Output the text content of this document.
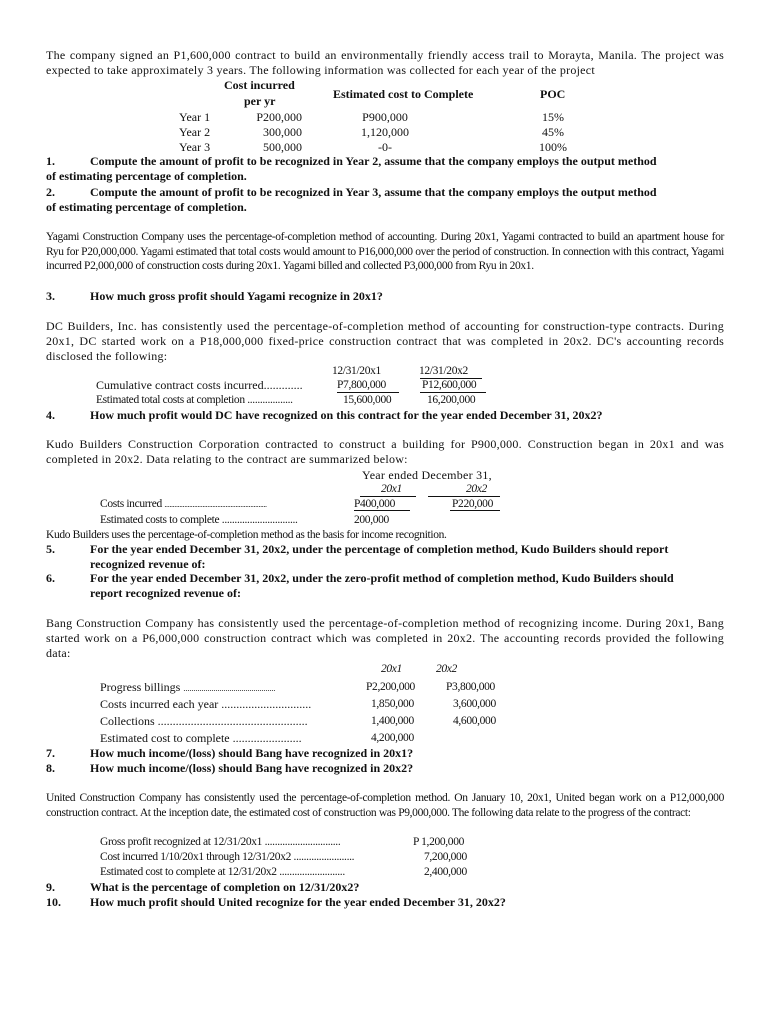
The company signed an P1,600,000 contract to build an environmentally friendly access trail to Morayta, Manila. The project was expected to take approximately 3 years. The following information was collected for each year of the project
Cost incurred
per yr	Estimated cost to Complete	POC
Year 1	P200,000	P900,000	15%
Year 2	300,000	1,120,000	45%
Year 3	500,000	-0-	100%
1.	Compute the amount of profit to be recognized in Year 2, assume that the company employs the output method
of estimating percentage of completion.
2.	Compute the amount of profit to be recognized in Year 3, assume that the company employs the output method
of estimating percentage of completion.
Yagami Construction Company uses the percentage-of-completion method of accounting. During 20x1, Yagami contracted to build an apartment house for Ryu for P20,000,000. Yagami estimated that total costs would amount to P16,000,000 over the period of construction. In connection with this contract, Yagami incurred P2,000,000 of construction costs during 20x1. Yagami billed and collected P3,000,000 from Ryu in 20x1.
3.	How much gross profit should Yagami recognize in 20x1?
DC Builders, Inc. has consistently used the percentage-of-completion method of accounting for construction-type contracts. During 20x1, DC started work on a P18,000,000 fixed-price construction contract that was completed in 20x2. DC's accounting records disclosed the following:
12/31/20x1	12/31/20x2
Cumulative contract costs incurred.............	P7,800,000	P12,600,000
Estimated total costs at completion ..................	15,600,000	16,200,000
4.	How much profit would DC have recognized on this contract for the year ended December 31, 20x2?
Kudo Builders Construction Corporation contracted to construct a building for P900,000. Construction began in 20x1 and was completed in 20x2. Data relating to the contract are summarized below:
Year ended December 31,
20x1	20x2
Costs incurred ..............................................................	P400,000	P220,000
Estimated costs to complete ..............................	200,000
Kudo Builders uses the percentage-of-completion method as the basis for income recognition.
5.	For the year ended December 31, 20x2, under the percentage of completion method, Kudo Builders should report
recognized revenue of:
6.	For the year ended December 31, 20x2, under the zero-profit method of completion method, Kudo Builders should
report recognized revenue of:
Bang Construction Company has consistently used the percentage-of-completion method of recognizing income. During 20x1, Bang started work on a P6,000,000 construction contract which was completed in 20x2. The accounting records provided the following data:
20x1	20x2
Progress billings ..............................................	P2,200,000	P3,800,000
Costs incurred each year ..............................	1,850,000	3,600,000
Collections ..................................................	1,400,000	4,600,000
Estimated cost to complete .......................	4,200,000
7.	How much income/(loss) should Bang have recognized in 20x1?
8.	How much income/(loss) should Bang have recognized in 20x2?
United Construction Company has consistently used the percentage-of-completion method. On January 10, 20x1, United began work on a P12,000,000 construction contract. At the inception date, the estimated cost of construction was P9,000,000. The following data relate to the progress of the contract:
Gross profit recognized at 12/31/20x1 ..............................	P 1,200,000
Cost incurred 1/10/20x1 through 12/31/20x2 ........................	7,200,000
Estimated cost to complete at 12/31/20x2 ..........................	2,400,000
9.	What is the percentage of completion on 12/31/20x2?
10. How much profit should United recognize for the year ended December 31, 20x2?
